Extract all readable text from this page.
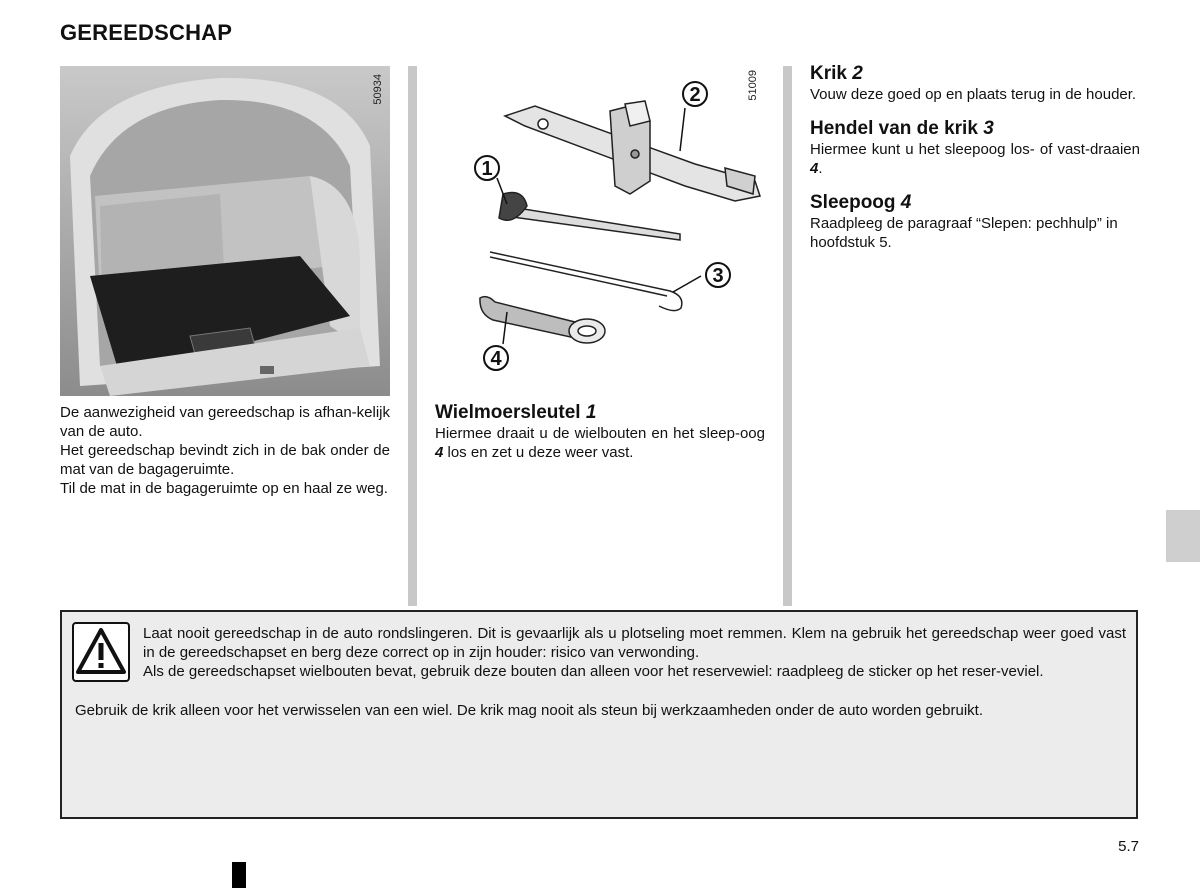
GEREEDSCHAP
50934
De aanwezigheid van gereedschap is afhan-kelijk van de auto.
Het gereedschap bevindt zich in de bak onder de mat van de bagageruimte.
Til de mat in de bagageruimte op en haal ze weg.
1
2
3
4
51009
Wielmoersleutel 1
Hiermee draait u de wielbouten en het sleep-oog 4 los en zet u deze weer vast.
Krik 2
Vouw deze goed op en plaats terug in de houder.
Hendel van de krik 3
Hiermee kunt u het sleepoog los- of vast-draaien 4.
Sleepoog 4
Raadpleeg de paragraaf “Slepen: pechhulp” in hoofdstuk 5.
Laat nooit gereedschap in de auto rondslingeren. Dit is gevaarlijk als u plotseling moet remmen. Klem na gebruik het gereedschap weer goed vast in de gereedschapset en berg deze correct op in zijn houder: risico van verwonding.
Als de gereedschapset wielbouten bevat, gebruik deze bouten dan alleen voor het reservewiel: raadpleeg de sticker op het reser-veviel.
Gebruik de krik alleen voor het verwisselen van een wiel. De krik mag nooit als steun bij werkzaamheden onder de auto worden gebruikt.
5.7
